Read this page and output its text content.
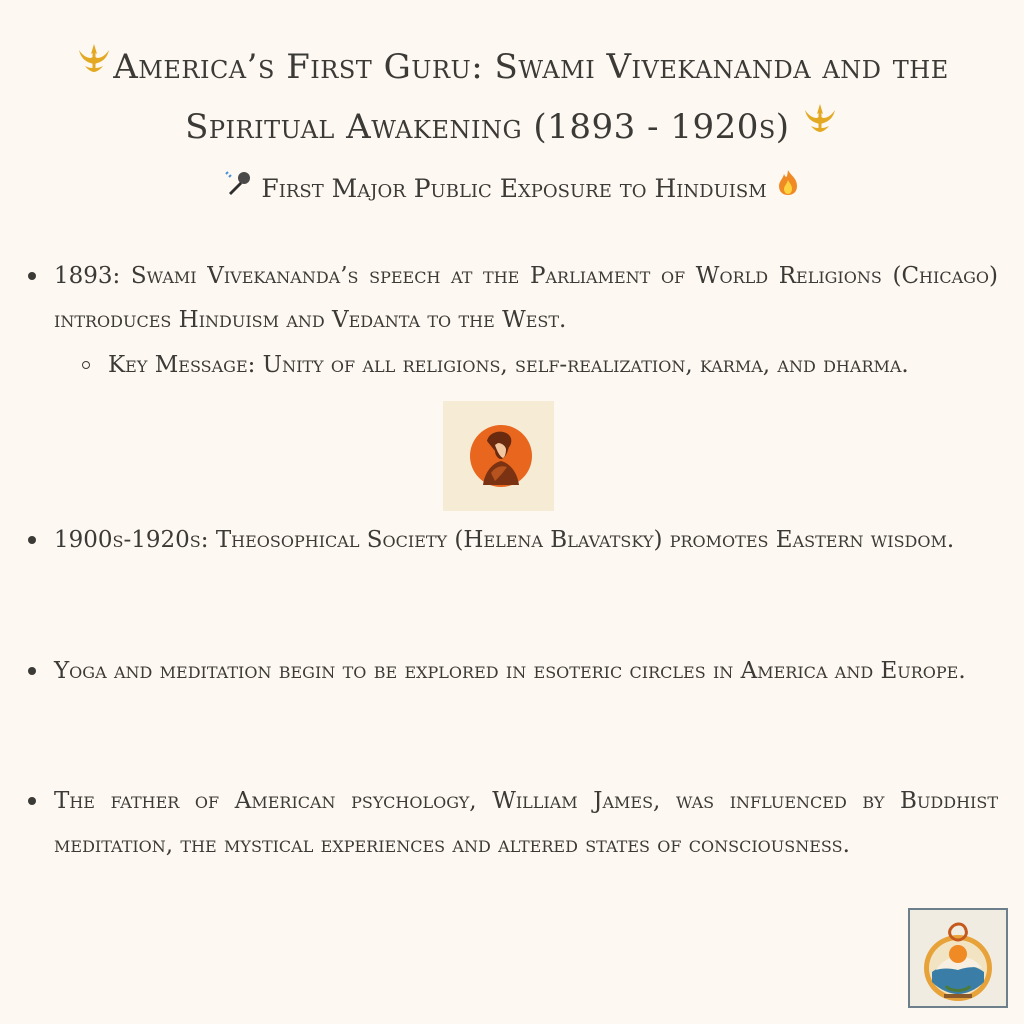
America’s First Guru: Swami Vivekananda and the Spiritual Awakening (1893 - 1920s)
First Major Public Exposure to Hinduism
1893: Swami Vivekananda’s speech at the Parliament of World Religions (Chicago) introduces Hinduism and Vedanta to the West.
Key Message: Unity of all religions, self-realization, karma, and dharma.
1900s-1920s: Theosophical Society (Helena Blavatsky) promotes Eastern wisdom.
Yoga and meditation begin to be explored in esoteric circles in America and Europe.
The father of American psychology, William James, was influenced by Buddhist meditation, the mystical experiences and altered states of consciousness.
